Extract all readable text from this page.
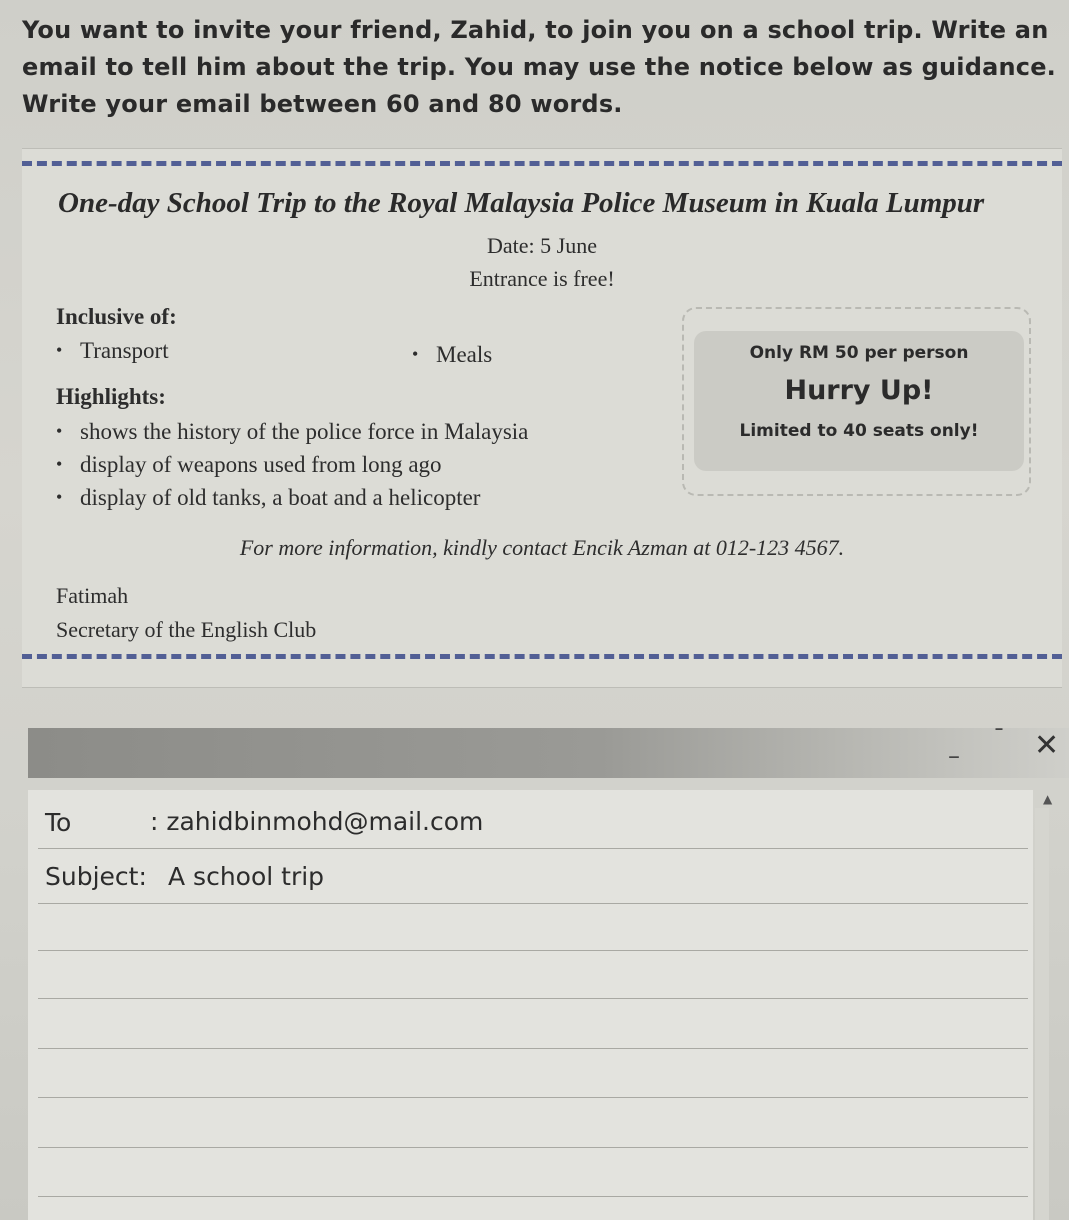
You want to invite your friend, Zahid, to join you on a school trip. Write an
email to tell him about the trip. You may use the notice below as guidance.
Write your email between 60 and 80 words.
One-day School Trip to the Royal Malaysia Police Museum in Kuala Lumpur
Date: 5 June
Entrance is free!
Inclusive of:
• Transport
•	Meals
Highlights:
• shows the history of the police force in Malaysia
• display of weapons used from long ago
• display of old tanks, a boat and a helicopter
Only RM 50 per person
Hurry Up!
Limited to 40 seats only!
For more information, kindly contact Encik Azman at 012-123 4567.
Fatimah
Secretary of the English Club
–
¯ ✕
▲
To	: zahidbinmohd@mail.com
Subject: A school trip
